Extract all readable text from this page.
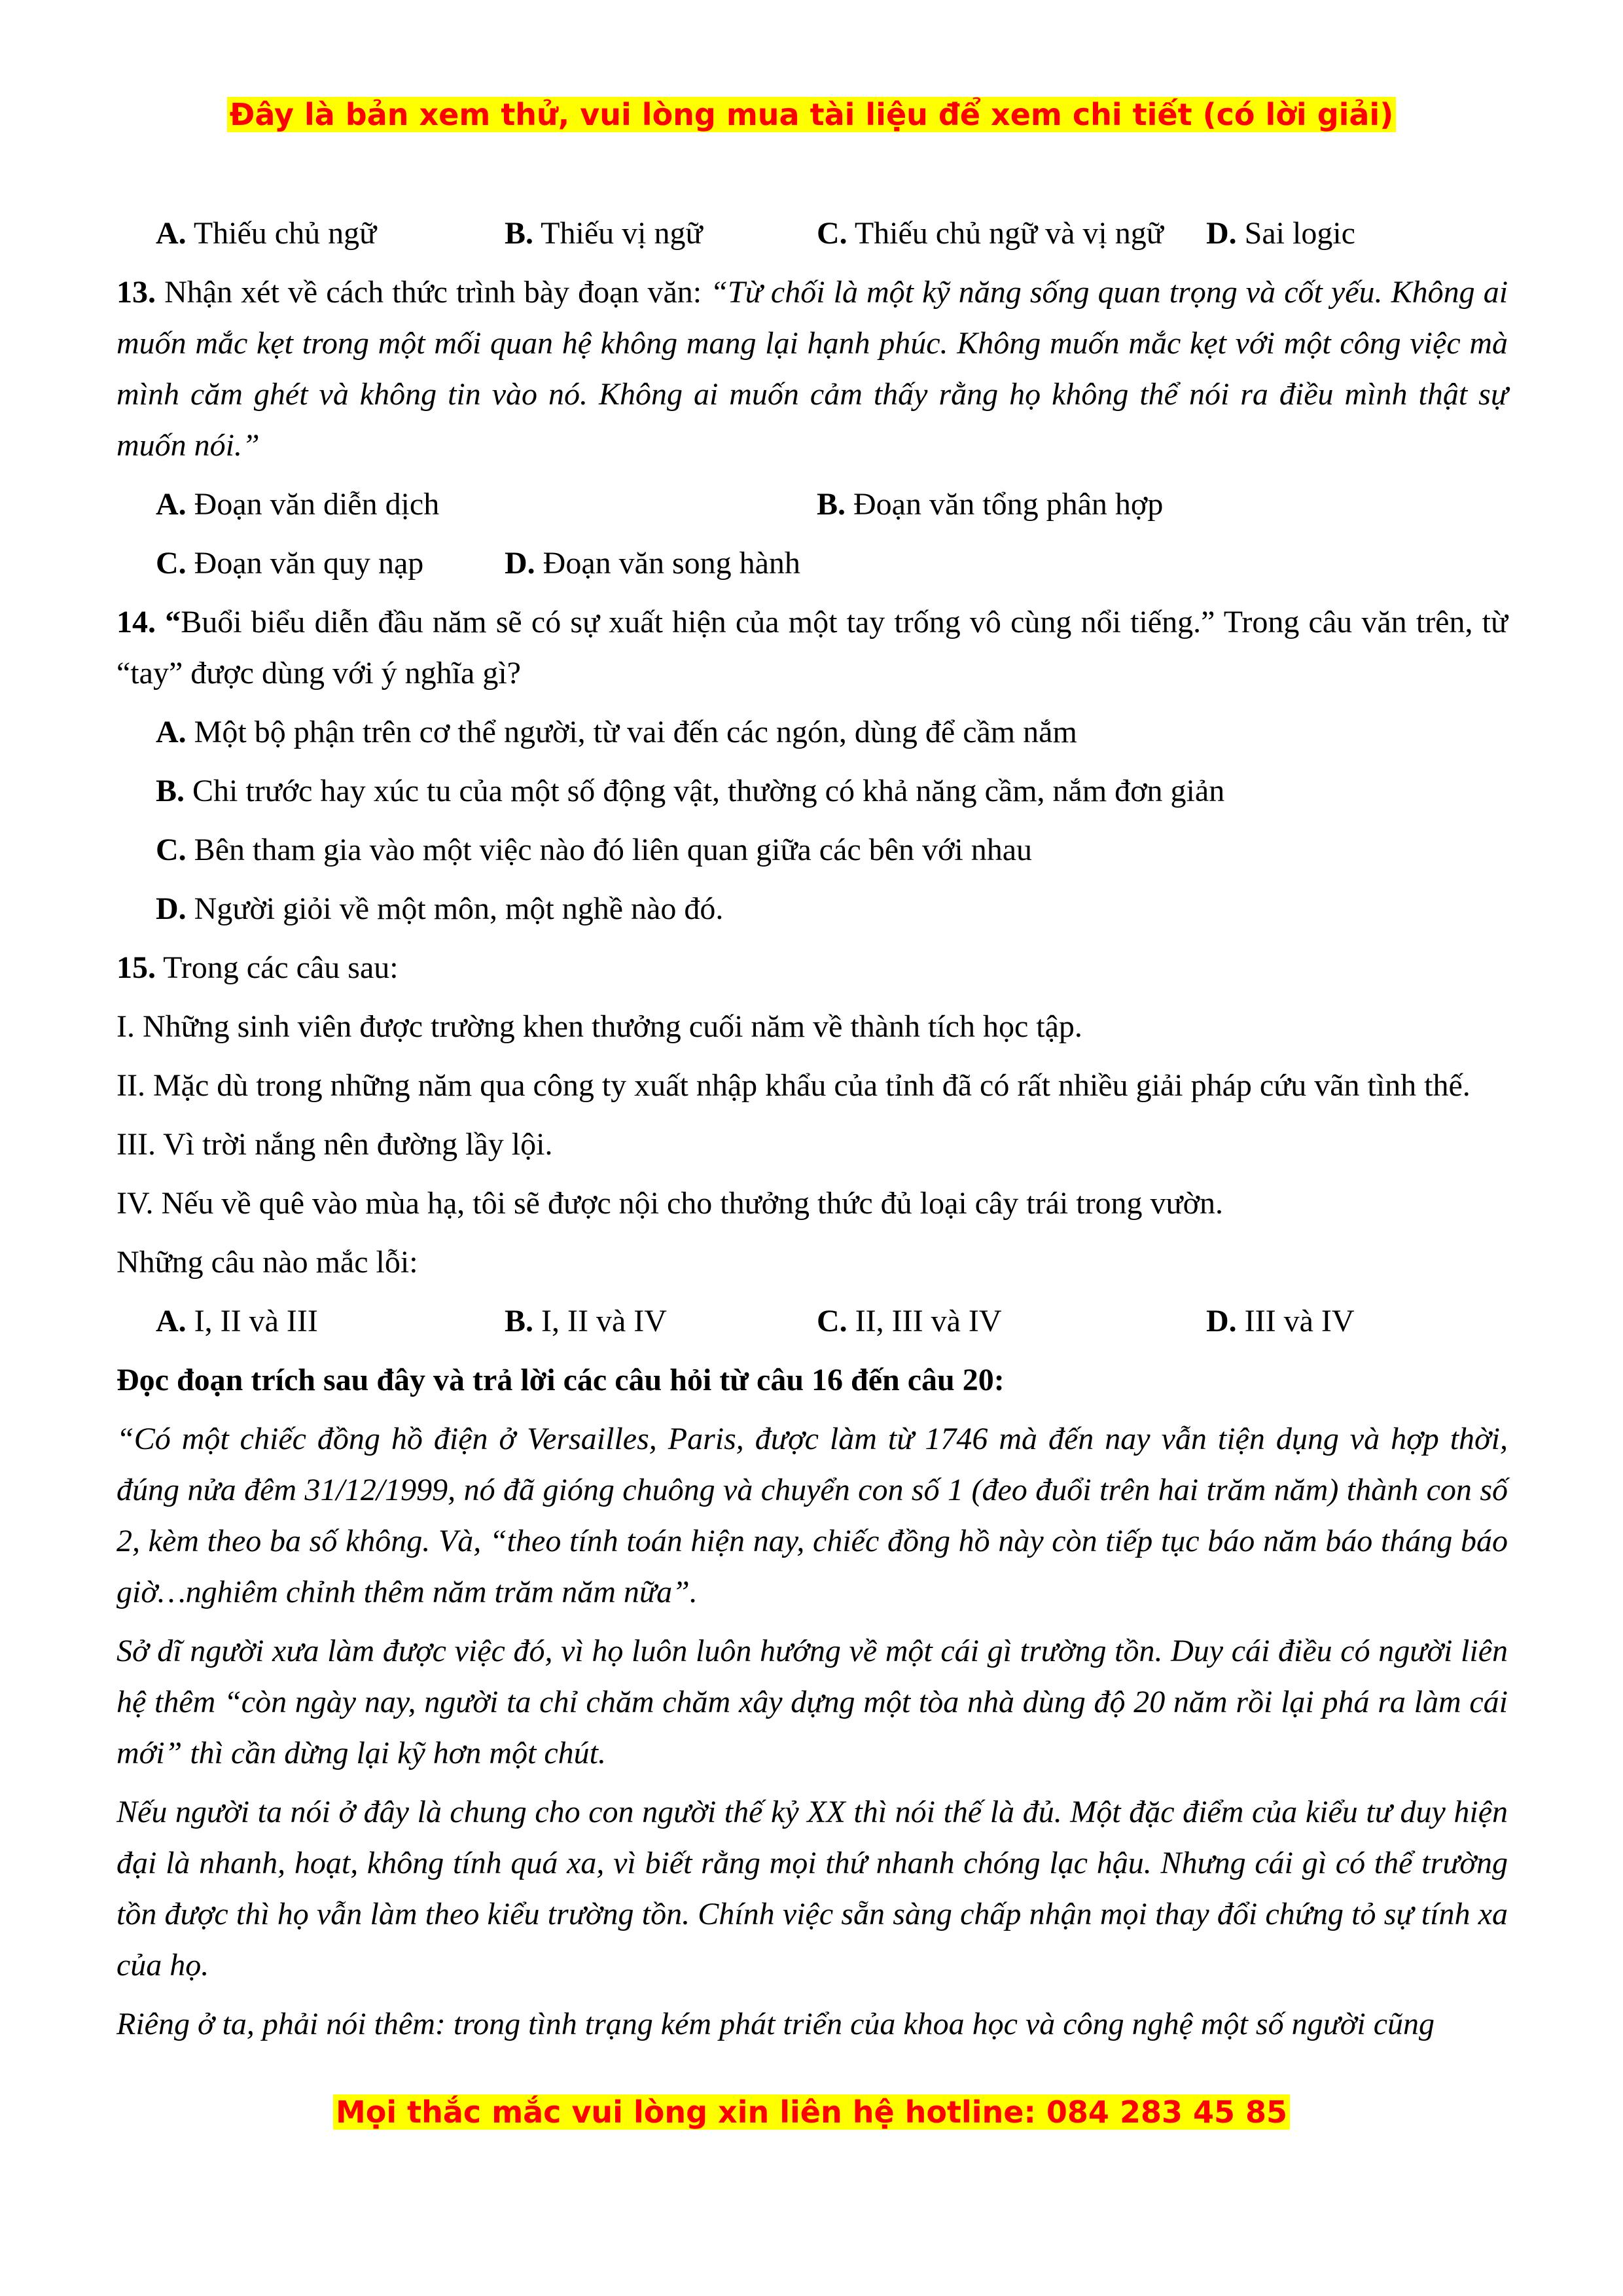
Đây là bản xem thử, vui lòng mua tài liệu để xem chi tiết (có lời giải)
A. Thiếu chủ ngữ	B. Thiếu vị ngữ	C. Thiếu chủ ngữ và vị ngữ D. Sai logic

13. Nhận xét về cách thức trình bày đoạn văn: “Từ chối là một kỹ năng sống quan trọng và cốt yếu. Không ai muốn mắc kẹt trong một mối quan hệ không mang lại hạnh phúc. Không muốn mắc kẹt với một công việc mà mình căm ghét và không tin vào nó. Không ai muốn cảm thấy rằng họ không thể nói ra điều mình thật sự muốn nói.”

A. Đoạn văn diễn dịch	B. Đoạn văn tổng phân hợp
C. Đoạn văn quy nạp	D. Đoạn văn song hành

14. “Buổi biểu diễn đầu năm sẽ có sự xuất hiện của một tay trống vô cùng nổi tiếng.” Trong câu văn trên, từ “tay” được dùng với ý nghĩa gì?

A. Một bộ phận trên cơ thể người, từ vai đến các ngón, dùng để cầm nắm
B. Chi trước hay xúc tu của một số động vật, thường có khả năng cầm, nắm đơn giản
C. Bên tham gia vào một việc nào đó liên quan giữa các bên với nhau
D. Người giỏi về một môn, một nghề nào đó.
15. Trong các câu sau:

I. Những sinh viên được trường khen thưởng cuối năm về thành tích học tập.

II. Mặc dù trong những năm qua công ty xuất nhập khẩu của tỉnh đã có rất nhiều giải pháp cứu vãn tình thế.

III. Vì trời nắng nên đường lầy lội.

IV. Nếu về quê vào mùa hạ, tôi sẽ được nội cho thưởng thức đủ loại cây trái trong vườn.

Những câu nào mắc lỗi:
A. I, II và III	B. I, II và IV	C. II, III và IV	D. III và IV
Đọc đoạn trích sau đây và trả lời các câu hỏi từ câu 16 đến câu 20:

“Có một chiếc đồng hồ điện ở Versailles, Paris, được làm từ 1746 mà đến nay vẫn tiện dụng và hợp thời, đúng nửa đêm 31/12/1999, nó đã gióng chuông và chuyển con số 1 (đeo đuổi trên hai trăm năm) thành con số 2, kèm theo ba số không. Và, “theo tính toán hiện nay, chiếc đồng hồ này còn tiếp tục báo năm báo tháng báo giờ…nghiêm chỉnh thêm năm trăm năm nữa”.

Sở dĩ người xưa làm được việc đó, vì họ luôn luôn hướng về một cái gì trường tồn. Duy cái điều có người liên hệ thêm “còn ngày nay, người ta chỉ chăm chăm xây dựng một tòa nhà dùng độ 20 năm rồi lại phá ra làm cái mới” thì cần dừng lại kỹ hơn một chút.

Nếu người ta nói ở đây là chung cho con người thế kỷ XX thì nói thế là đủ. Một đặc điểm của kiểu tư duy hiện đại là nhanh, hoạt, không tính quá xa, vì biết rằng mọi thứ nhanh chóng lạc hậu. Nhưng cái gì có thể trường tồn được thì họ vẫn làm theo kiểu trường tồn. Chính việc sẵn sàng chấp nhận mọi thay đổi chứng tỏ sự tính xa của họ.

Riêng ở ta, phải nói thêm: trong tình trạng kém phát triển của khoa học và công nghệ một số người cũng
Mọi thắc mắc vui lòng xin liên hệ hotline: 084 283 45 85
